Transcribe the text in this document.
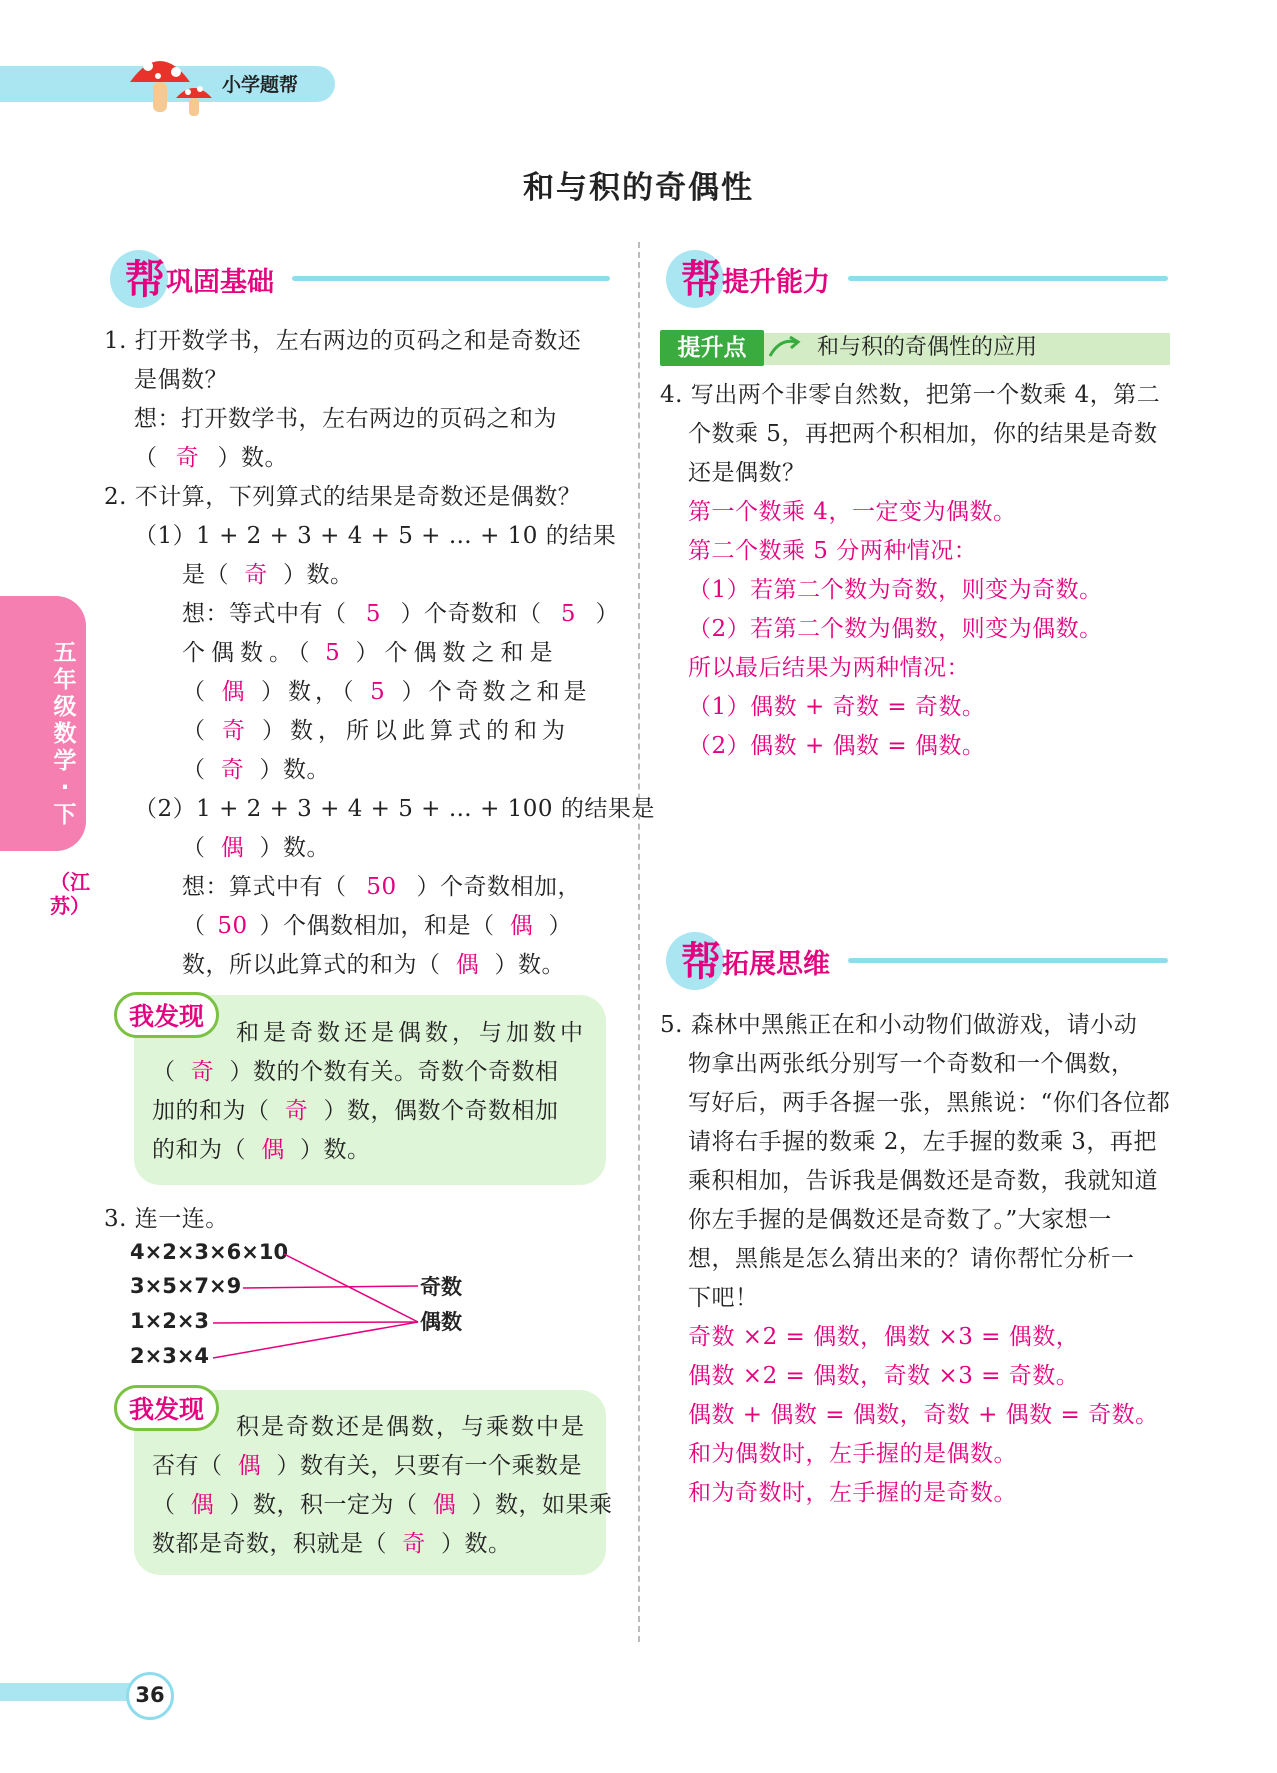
小学题帮
和与积的奇偶性
五年级数学·下
（江苏）
帮 巩固基础
1. 打开数学书，左右两边的页码之和是奇数还
是偶数？
想：打开数学书，左右两边的页码之和为
（ 奇 ）数。
2. 不计算，下列算式的结果是奇数还是偶数？
（1）1 + 2 + 3 + 4 + 5 + … + 10 的结果
是（ 奇 ）数。
想：等式中有（ 5 ）个奇数和（ 5 ）
个偶数。（ 5 ）个偶数之和是
（ 偶 ）数，（ 5 ）个奇数之和是
（ 奇 ）数，所以此算式的和为
（ 奇 ）数。
（2）1 + 2 + 3 + 4 + 5 + … + 100 的结果是
（ 偶 ）数。
想：算式中有（ 50 ）个奇数相加，
（ 50 ）个偶数相加，和是（ 偶 ）
数，所以此算式的和为（ 偶 ）数。
我发现
和是奇数还是偶数，与加数中
（ 奇 ）数的个数有关。奇数个奇数相
加的和为（ 奇 ）数，偶数个奇数相加
的和为（ 偶 ）数。
3. 连一连。
4×2×3×6×10
3×5×7×9
1×2×3
2×3×4
奇数
偶数
我发现
积是奇数还是偶数，与乘数中是
否有（ 偶 ）数有关，只要有一个乘数是
（ 偶 ）数，积一定为（ 偶 ）数，如果乘
数都是奇数，积就是（ 奇 ）数。
帮 提升能力
提升点	和与积的奇偶性的应用
4. 写出两个非零自然数，把第一个数乘 4，第二
个数乘 5，再把两个积相加，你的结果是奇数
还是偶数？
第一个数乘 4，一定变为偶数。
第二个数乘 5 分两种情况：
（1）若第二个数为奇数，则变为奇数。
（2）若第二个数为偶数，则变为偶数。
所以最后结果为两种情况：
（1）偶数 + 奇数 = 奇数。
（2）偶数 + 偶数 = 偶数。
帮 拓展思维
5. 森林中黑熊正在和小动物们做游戏，请小动
物拿出两张纸分别写一个奇数和一个偶数，
写好后，两手各握一张，黑熊说：“你们各位都
请将右手握的数乘 2，左手握的数乘 3，再把
乘积相加，告诉我是偶数还是奇数，我就知道
你左手握的是偶数还是奇数了。”大家想一
想，黑熊是怎么猜出来的？请你帮忙分析一
下吧！
奇数 ×2 = 偶数，偶数 ×3 = 偶数，
偶数 ×2 = 偶数，奇数 ×3 = 奇数。
偶数 + 偶数 = 偶数，奇数 + 偶数 = 奇数。
和为偶数时，左手握的是偶数。
和为奇数时，左手握的是奇数。
36
